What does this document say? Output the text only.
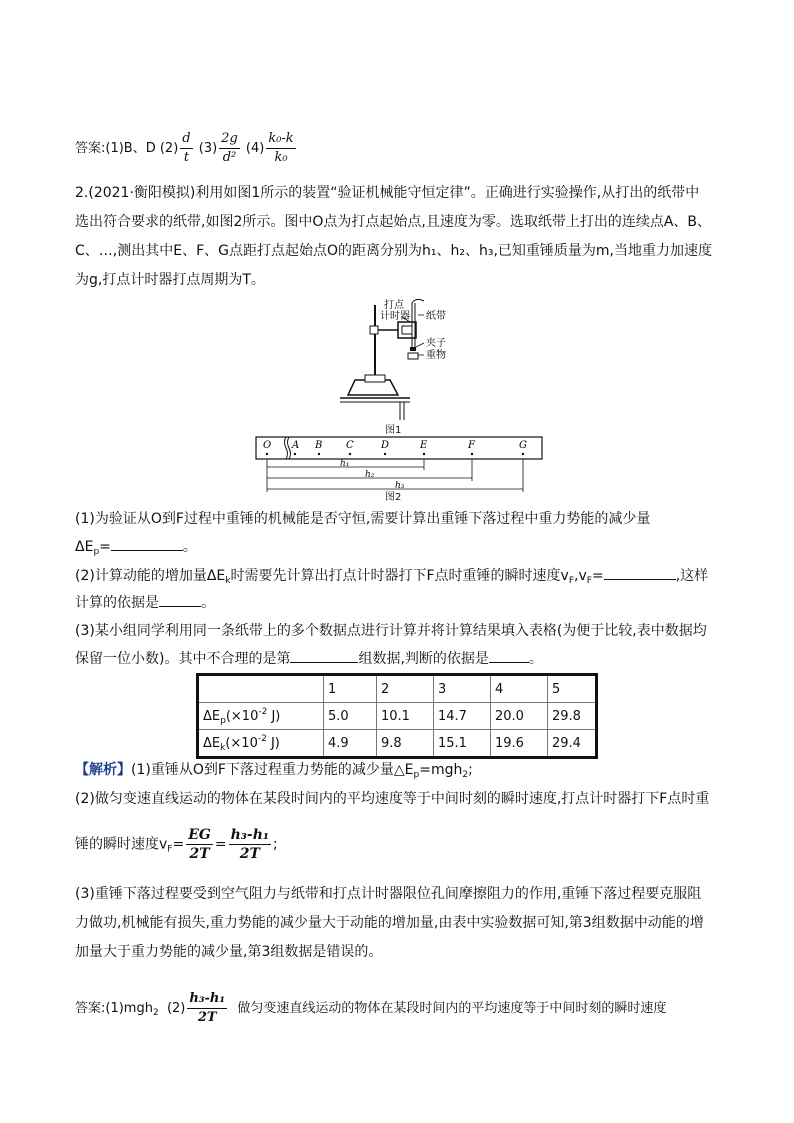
答案:(1)B、D $(2) \frac{d}{t} (3) \frac{2g}{\text{d²}} (4) \frac{\text{k₀-k}}{\text{k₀}}$
2.(2021·衡阳模拟)利用如图1所示的装置“验证机械能守恒定律”。正确进行实验操作,从打出的纸带中
选出符合要求的纸带,如图2所示。图中O点为打点起始点,且速度为零。选取纸带上打出的连续点A、B、
C、…,测出其中E、F、G点距打点起始点O的距离分别为h₁、h₂、h₃,已知重锤质量为m,当地重力加速度
为g,打点计时器打点周期为T。
打点
计时器 纸带
夹子
重物
图1
O A B C	D	E	F	G
h₁
h₂
h₃
图2
(1)为验证从O到F过程中重锤的机械能是否守恒,需要计算出重锤下落过程中重力势能的减少量
$\Delta E_p=$	。
(2)计算动能的增加量$\Delta E_k$时需要先计算出打点计时器打下F点时重锤的瞬时速度$v_F,v_F=$	,这样
计算的依据是	。
(3)某小组同学利用同一条纸带上的多个数据点进行计算并将计算结果填入表格(为便于比较,表中数据均
保留一位小数)。其中不合理的是第	组数据,判断的依据是	。
	1	2	3	4	5
$\Delta E_p(\times 10^{-2}$ J)	5.0	10.1	14.7	20.0	29.8
$\Delta E_k(\times 10^{-2}$ J)	4.9	9.8	15.1	19.6	29.4
【解析】(1)重锤从O到F下落过程重力势能的减少量$\triangle E_p=mgh_2$;
(2)做匀变速直线运动的物体在某段时间内的平均速度等于中间时刻的瞬时速度,打点计时器打下F点时重
锤的瞬时速度$v_F= \frac{EG}{2T} = \frac{\text{h₃-h₁}}{2T}$ ;
(3)重锤下落过程要受到空气阻力与纸带和打点计时器限位孔间摩擦阻力的作用,重锤下落过程要克服阻
力做功,机械能有损失,重力势能的减少量大于动能的增加量,由表中实验数据可知,第3组数据中动能的增
加量大于重力势能的减少量,第3组数据是错误的。
答案:(1)mgh$_2$  $(2) \frac{\text{h₃-h₁}}{2T}$ 做匀变速直线运动的物体在某段时间内的平均速度等于中间时刻的瞬时速度
